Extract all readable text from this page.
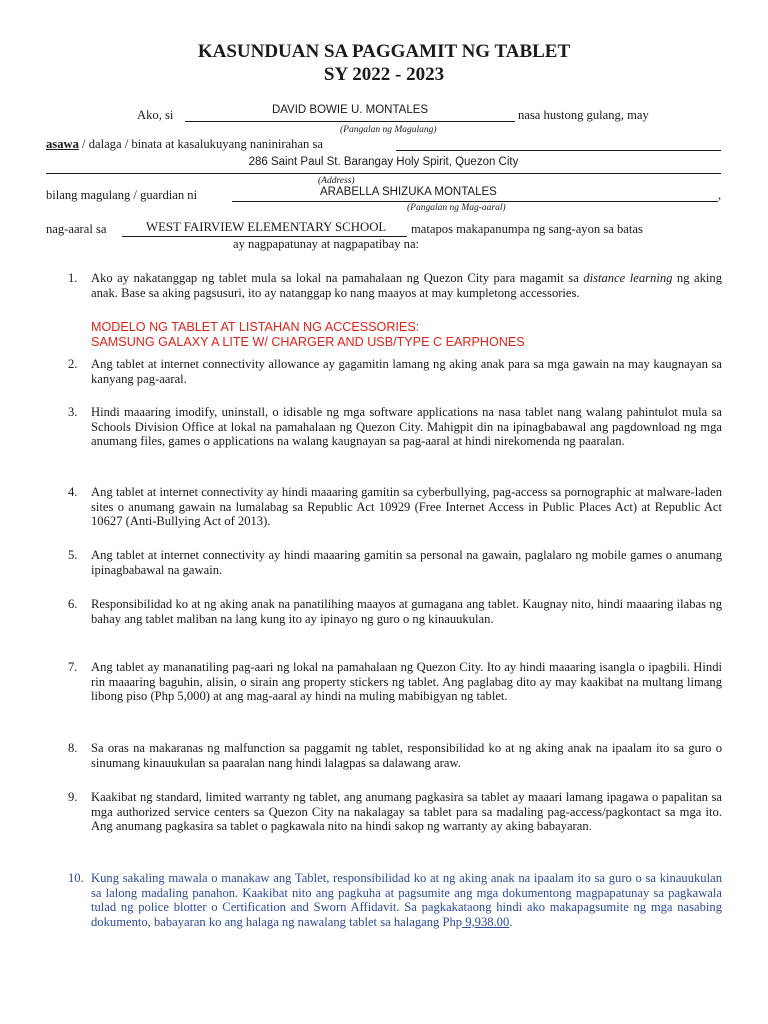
KASUNDUAN SA PAGGAMIT NG TABLET
SY 2022 - 2023
Ako, si	DAVID BOWIE U. MONTALES	nasa hustong gulang, may
(Pangalan ng Magulang)
asawa / dalaga / binata at kasalukuyang naninirahan sa
286 Saint Paul St. Barangay Holy Spirit, Quezon City
(Address)
bilang magulang / guardian ni	ARABELLA SHIZUKA MONTALES	,
(Pangalan ng Mag-aaral)
nag-aaral sa	WEST FAIRVIEW ELEMENTARY SCHOOL matapos makapanumpa ng sang-ayon sa batas
ay nagpapatunay at nagpapatibay na:
1.	Ako ay nakatanggap ng tablet mula sa lokal na pamahalaan ng Quezon City para magamit sa distance learning ng aking anak. Base sa aking pagsusuri, ito ay natanggap ko nang maayos at may kumpletong accessories.
MODELO NG TABLET AT LISTAHAN NG ACCESSORIES:
SAMSUNG GALAXY A LITE W/ CHARGER AND USB/TYPE C EARPHONES
2.	Ang tablet at internet connectivity allowance ay gagamitin lamang ng aking anak para sa mga gawain na may kaugnayan sa kanyang pag-aaral.
3.	Hindi maaaring imodify, uninstall, o idisable ng mga software applications na nasa tablet nang walang pahintulot mula sa Schools Division Office at lokal na pamahalaan ng Quezon City. Mahigpit din na ipinagbabawal ang pagdownload ng mga anumang files, games o applications na walang kaugnayan sa pag-aaral at hindi nirekomenda ng paaralan.
4.	Ang tablet at internet connectivity ay hindi maaaring gamitin sa cyberbullying, pag-access sa pornographic at malware-laden sites o anumang gawain na lumalabag sa Republic Act 10929 (Free Internet Access in Public Places Act) at Republic Act 10627 (Anti-Bullying Act of 2013).
5.	Ang tablet at internet connectivity ay hindi maaaring gamitin sa personal na gawain, paglalaro ng mobile games o anumang ipinagbabawal na gawain.
6.	Responsibilidad ko at ng aking anak na panatilihing maayos at gumagana ang tablet. Kaugnay nito, hindi maaaring ilabas ng bahay ang tablet maliban na lang kung ito ay ipinayo ng guro o ng kinauukulan.
7.	Ang tablet ay mananatiling pag-aari ng lokal na pamahalaan ng Quezon City. Ito ay hindi maaaring isangla o ipagbili. Hindi rin maaaring baguhin, alisin, o sirain ang property stickers ng tablet. Ang paglabag dito ay may kaakibat na multang limang libong piso (Php 5,000) at ang mag-aaral ay hindi na muling mabibigyan ng tablet.
8.	Sa oras na makaranas ng malfunction sa paggamit ng tablet, responsibilidad ko at ng aking anak na ipaalam ito sa guro o sinumang kinauukulan sa paaralan nang hindi lalagpas sa dalawang araw.
9.	Kaakibat ng standard, limited warranty ng tablet, ang anumang pagkasira sa tablet ay maaari lamang ipagawa o papalitan sa mga authorized service centers sa Quezon City na nakalagay sa tablet para sa madaling pag-access/pagkontact sa mga ito. Ang anumang pagkasira sa tablet o pagkawala nito na hindi sakop ng warranty ay aking babayaran.
10. Kung sakaling mawala o manakaw ang Tablet, responsibilidad ko at ng aking anak na ipaalam ito sa guro o sa kinauukulan sa lalong madaling panahon. Kaakibat nito ang pagkuha at pagsumite ang mga dokumentong magpapatunay sa pagkawala tulad ng police blotter o Certification and Sworn Affidavit. Sa pagkakataong hindi ako makapagsumite ng mga nasabing dokumento, babayaran ko ang halaga ng nawalang tablet sa halagang Php 9,938.00.
